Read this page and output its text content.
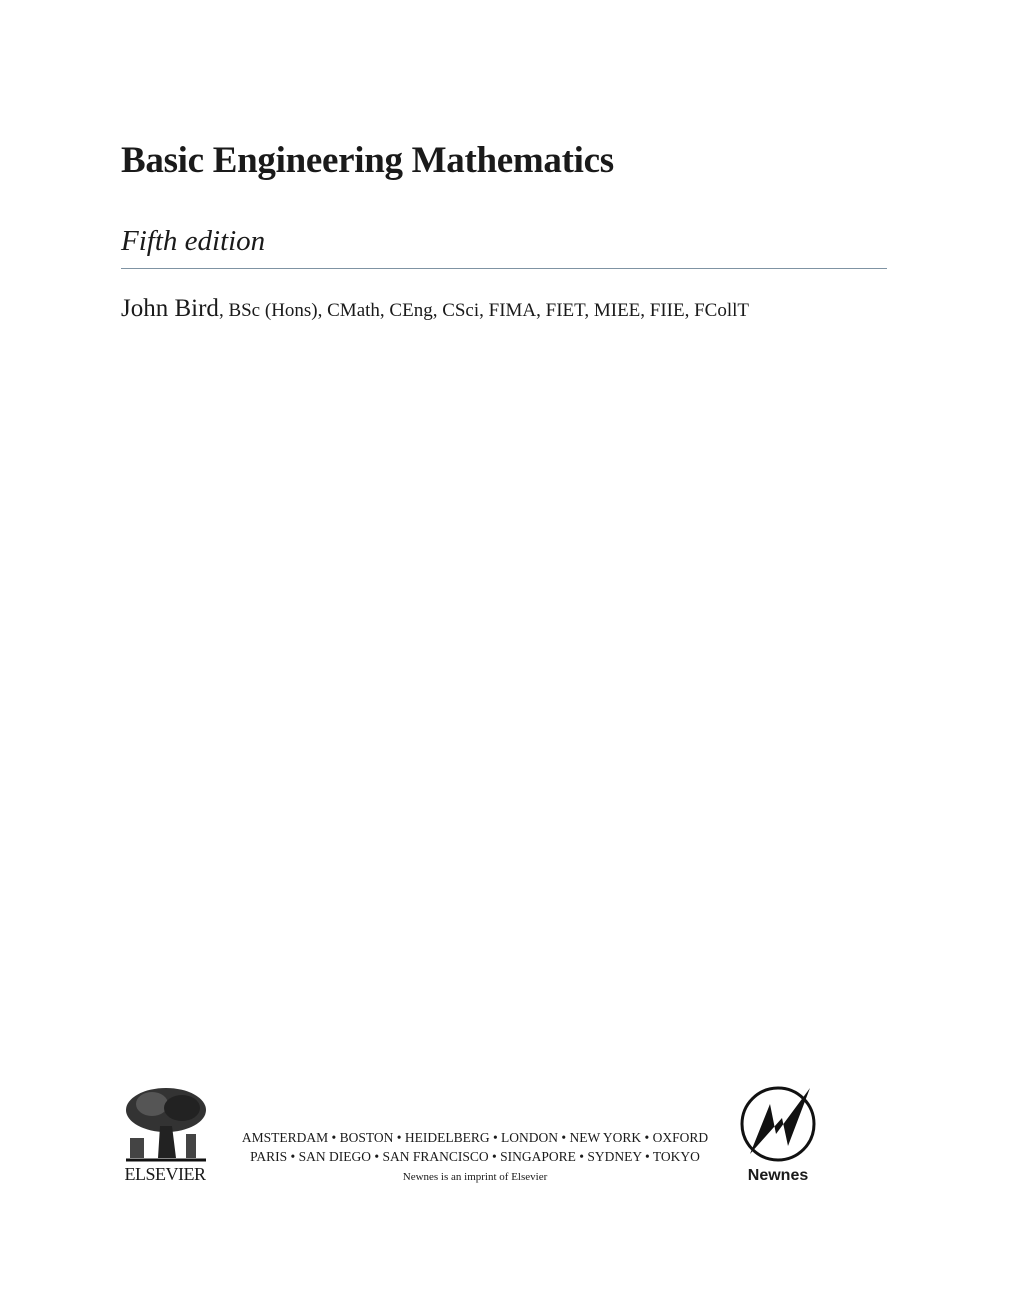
Basic Engineering Mathematics
Fifth edition
John Bird, BSc (Hons), CMath, CEng, CSci, FIMA, FIET, MIEE, FIIE, FCollT
ELSEVIER
AMSTERDAM • BOSTON • HEIDELBERG • LONDON • NEW YORK • OXFORD
PARIS • SAN DIEGO • SAN FRANCISCO • SINGAPORE • SYDNEY • TOKYO
Newnes is an imprint of Elsevier	Newnes
